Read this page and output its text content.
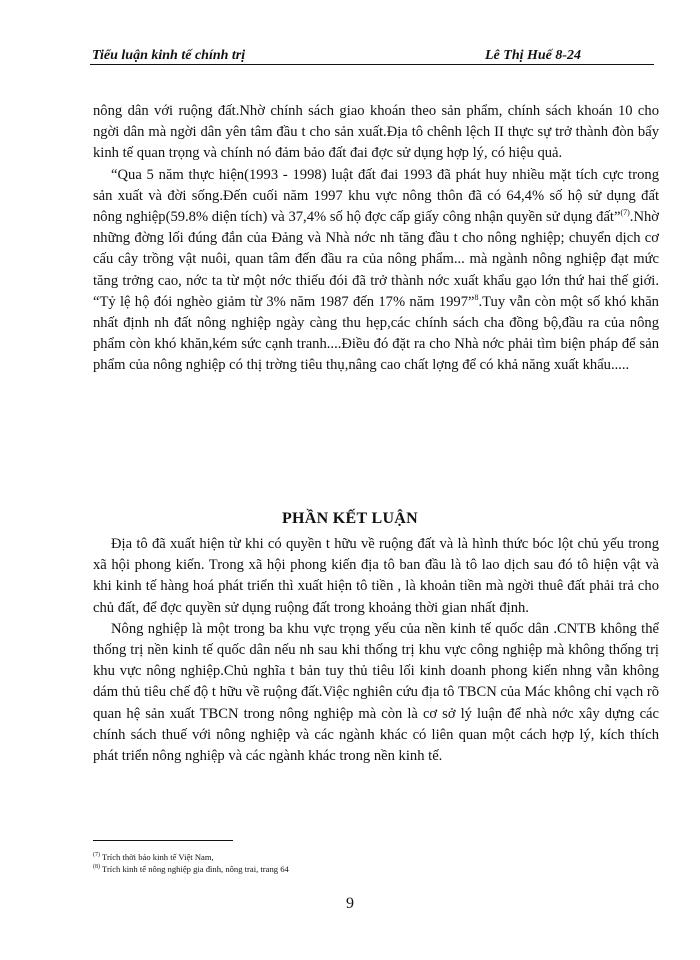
Tiểu luận kinh tế chính trị	Lê Thị Huế 8-24

nông dân với ruộng đất.Nhờ chính sách giao khoán theo sản phẩm, chính sách khoán 10 cho ngời dân mà ngời dân yên tâm đầu t cho sản xuất.Địa tô chênh lệch II thực sự trở thành đòn bẩy kinh tế quan trọng và chính nó đảm bảo đất đai đợc sử dụng hợp lý, có hiệu quả.

“Qua 5 năm thực hiện(1993 - 1998) luật đất đai 1993 đã phát huy nhiều mặt tích cực trong sản xuất và đời sống.Đến cuối năm 1997 khu vực nông thôn đã có 64,4% số hộ sử dụng đất nông nghiệp(59.8% diện tích) và 37,4% số hộ đợc cấp giấy công nhận quyền sử dụng đất”$^{(7)}$.Nhờ những đờng lối đúng đắn của Đảng và Nhà nớc nh tăng đầu t cho nông nghiệp; chuyển dịch cơ cấu cây trồng vật nuôi, quan tâm đến đầu ra của nông phẩm... mà ngành nông nghiệp đạt mức tăng trởng cao, nớc ta từ một nớc thiếu đói đã trở thành nớc xuất khẩu gạo lớn thứ hai thế giới. “Tỷ lệ hộ đói nghèo giảm từ 3% năm 1987 đến 17% năm 1997”$^8$.Tuy vẫn còn một số khó khăn nhất định nh đất nông nghiệp ngày càng thu hẹp,các chính sách cha đồng bộ,đầu ra của nông phẩm còn khó khăn,kém sức cạnh tranh....Điều đó đặt ra cho Nhà nớc phải tìm biện pháp để sản phẩm của nông nghiệp có thị trờng tiêu thụ,nâng cao chất lợng để có khả năng xuất khẩu.....

PHẦN KẾT LUẬN

Địa tô đã xuất hiện từ khi có quyền t hữu về ruộng đất và là hình thức bóc lột chủ yếu trong xã hội phong kiến. Trong xã hội phong kiến địa tô ban đầu là tô lao dịch sau đó tô hiện vật và khi kinh tế hàng hoá phát triển thì xuất hiện tô tiền , là khoản tiền mà ngời thuê đất phải trả cho chủ đất, để đợc quyền sử dụng ruộng đất trong khoảng thời gian nhất định.

Nông nghiệp là một trong ba khu vực trọng yếu của nền kinh tế quốc dân .CNTB không thể thống trị nền kinh tế quốc dân nếu nh sau khi thống trị khu vực công nghiệp mà không thống trị khu vực nông nghiệp.Chủ nghĩa t bản tuy thủ tiêu lối kinh doanh phong kiến nhng vẫn không dám thủ tiêu chế độ t hữu về ruộng đất.Việc nghiên cứu địa tô TBCN của Mác không chỉ vạch rõ quan hệ sản xuất TBCN trong nông nghiệp mà còn là cơ sở lý luận để nhà nớc xây dựng các chính sách thuế với nông nghiệp và các ngành khác có liên quan một cách hợp lý, kích thích phát triển nông nghiệp và các ngành khác trong nền kinh tế.

$^{(7)}$ Trích thời báo kinh tế Việt Nam,
$^{(8)}$ Trích kinh tế nông nghiệp gia đình, nông trai, trang 64
9
